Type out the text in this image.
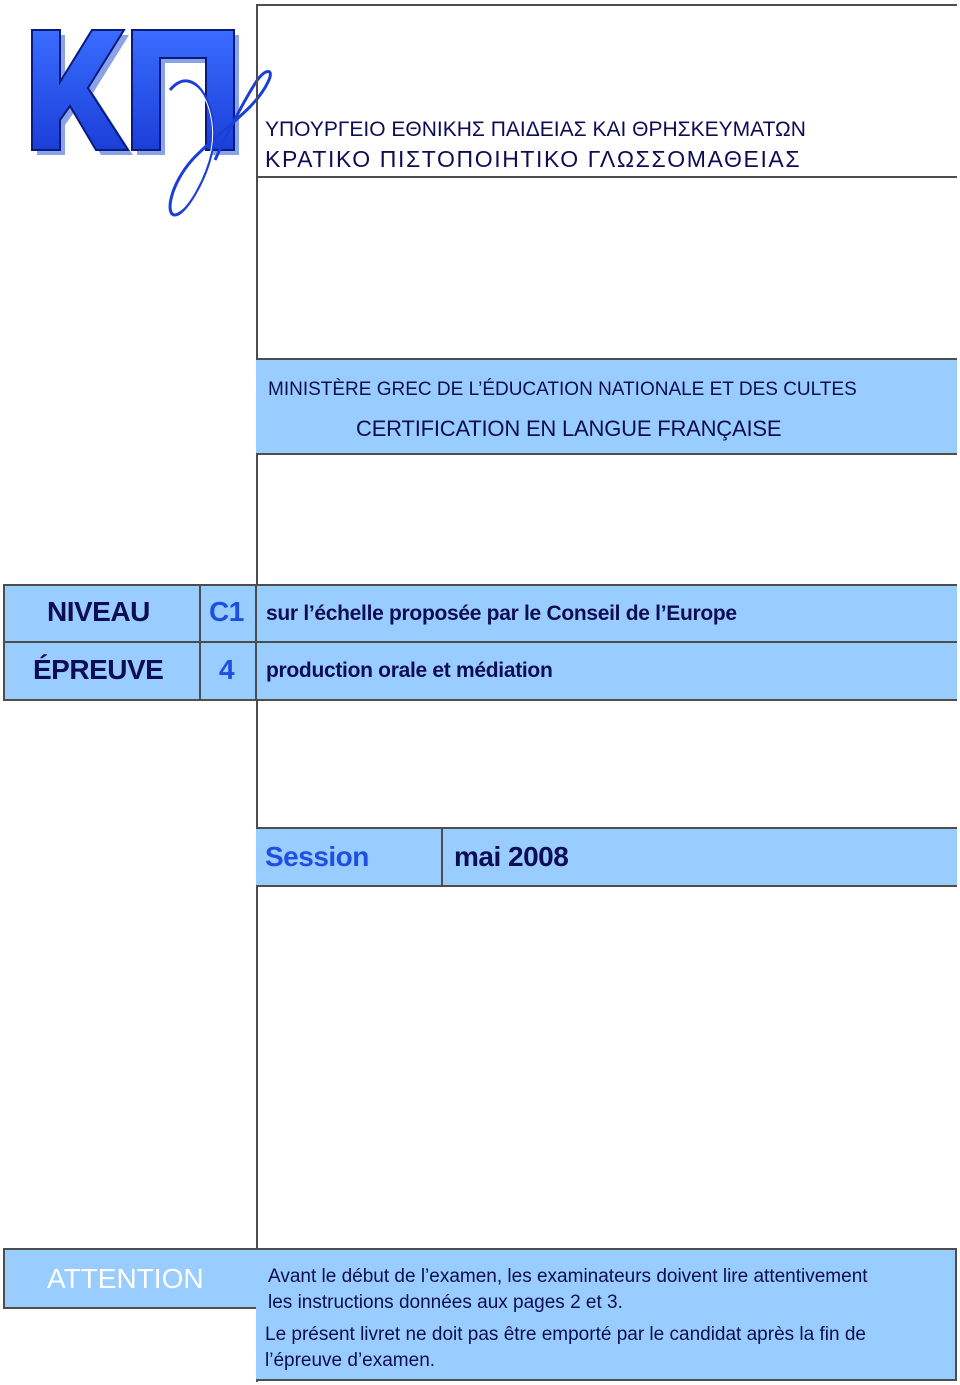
ΥΠΟΥΡΓΕΙΟ ΕΘΝΙΚΗΣ ΠΑΙΔΕΙΑΣ ΚΑΙ ΘΡΗΣΚΕΥΜΑΤΩΝ
ΚΡΑΤΙΚΟ ΠΙΣΤΟΠΟΙΗΤΙΚΟ ΓΛΩΣΣΟΜΑΘΕΙΑΣ
MINISTÈRE GREC DE L’ÉDUCATION NATIONALE ET DES CULTES
CERTIFICATION EN LANGUE FRANÇAISE
NIVEAU C1 sur l’échelle proposée par le Conseil de l’Europe
ÉPREUVE 4 production orale et médiation
Session	mai 2008
ATTENTION	Avant le début de l’examen, les examinateurs doivent lire attentivement
les instructions données aux pages 2 et 3.
Le présent livret ne doit pas être emporté par le candidat après la fin de
l’épreuve d’examen.
